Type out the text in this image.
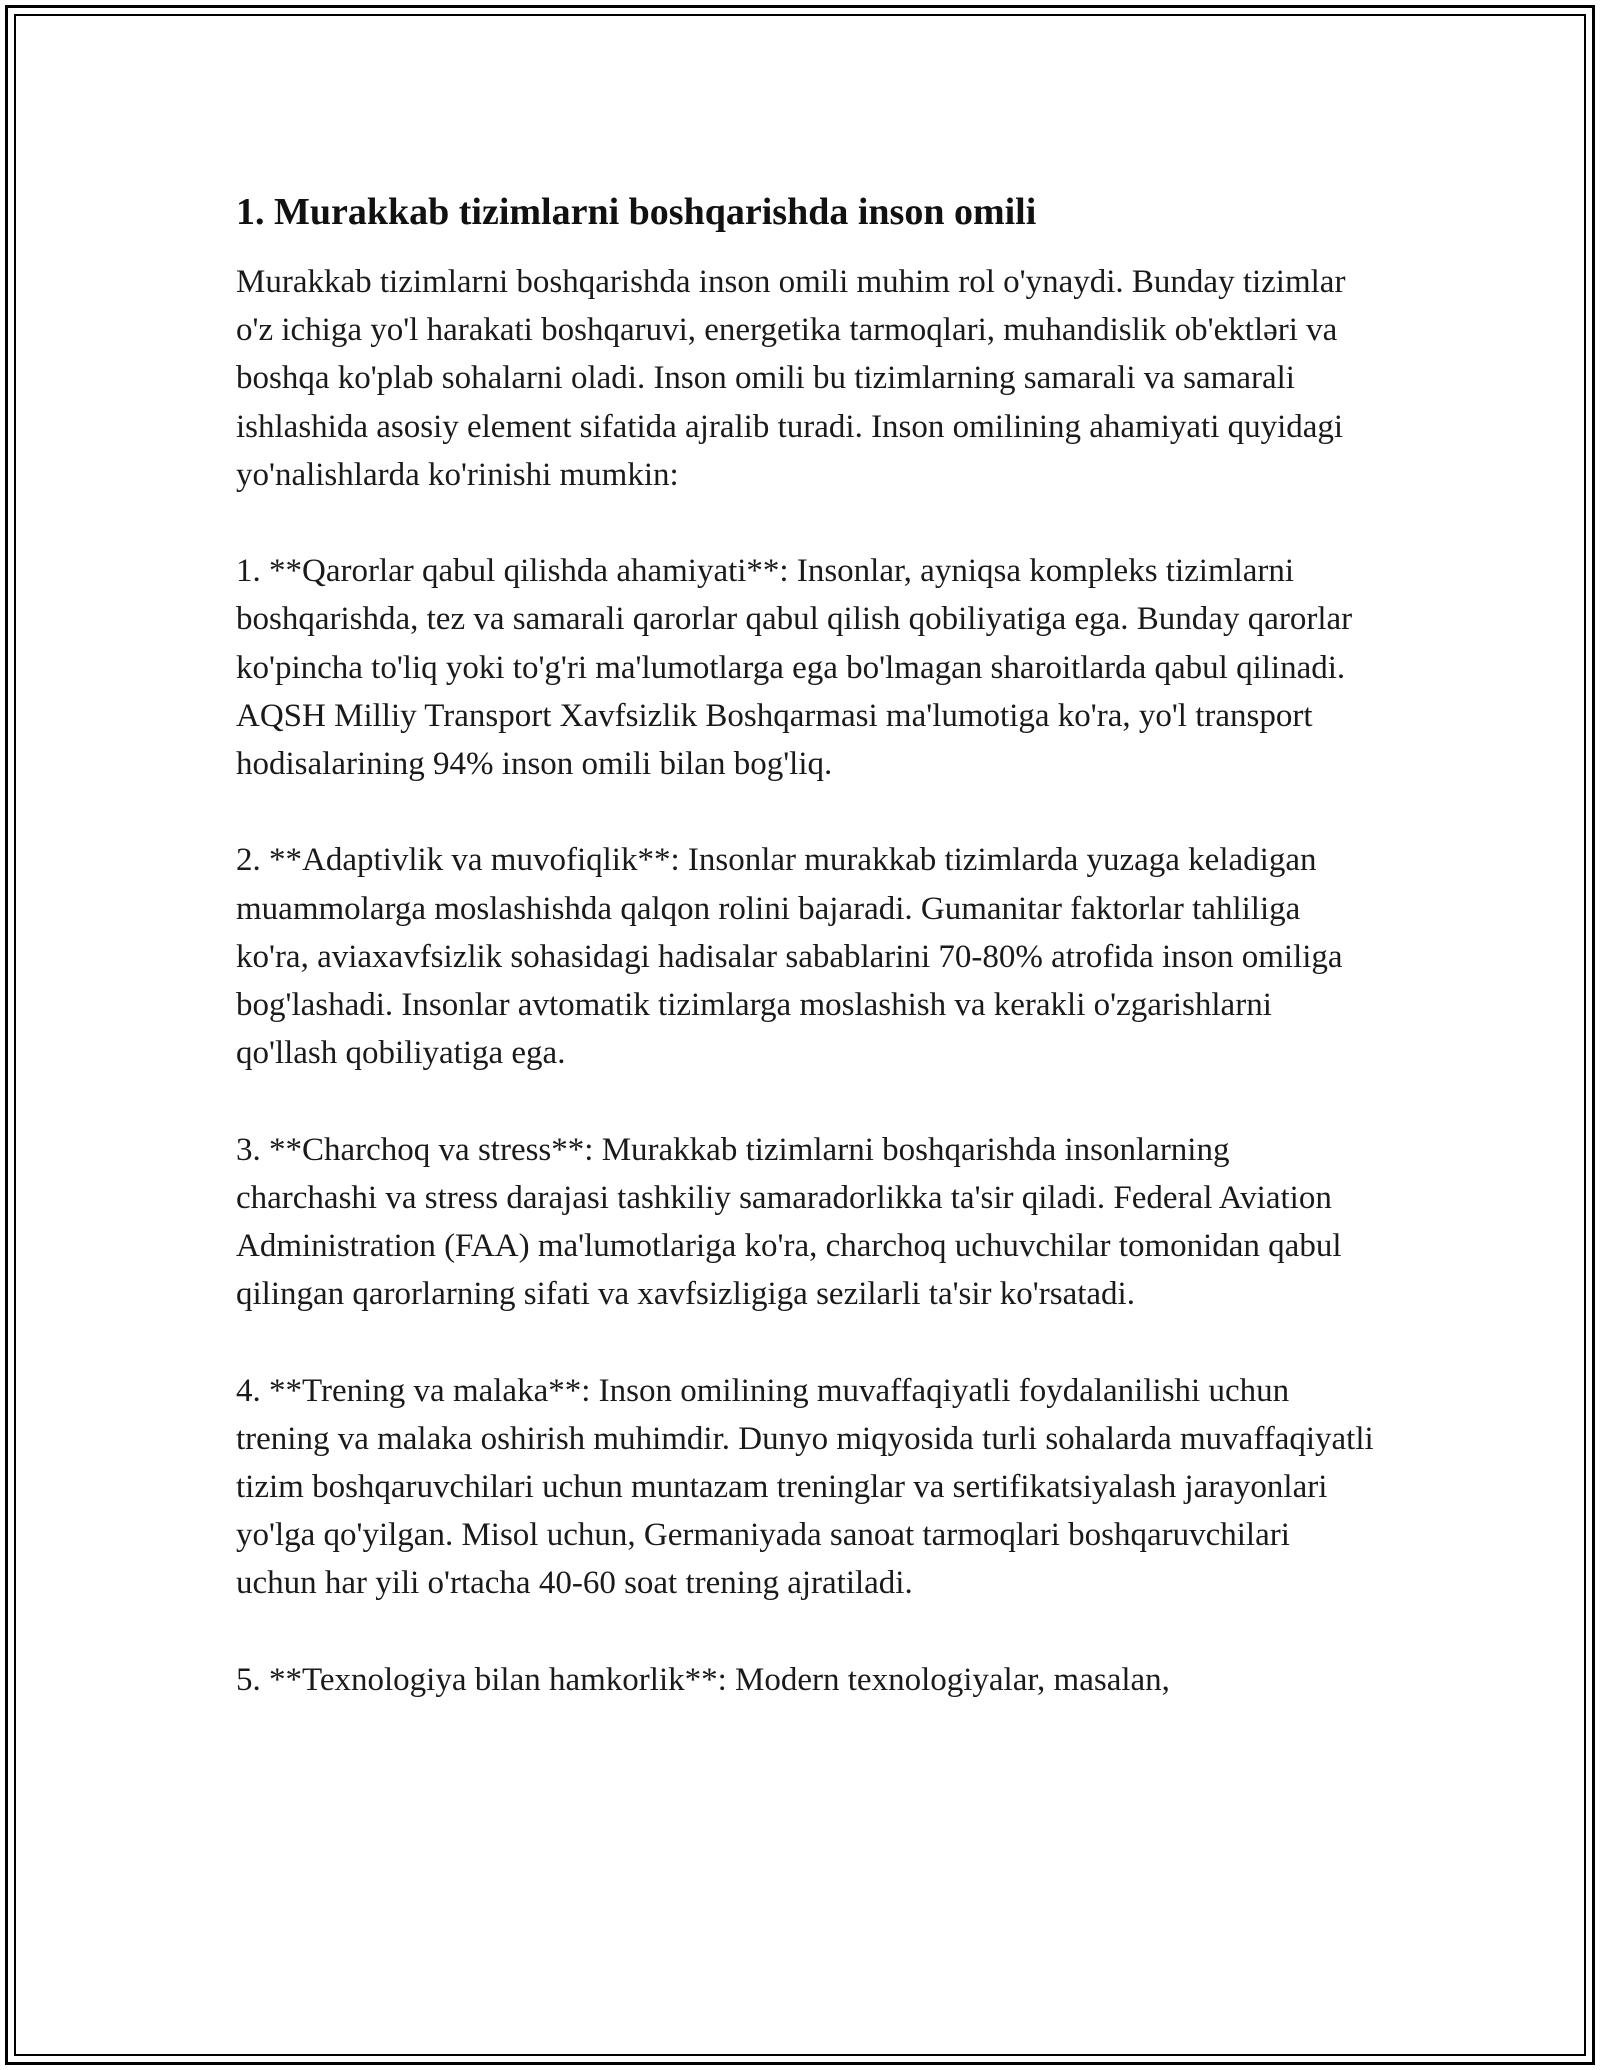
1. Murakkab tizimlarni boshqarishda inson omili

Murakkab tizimlarni boshqarishda inson omili muhim rol o'ynaydi. Bunday tizimlar o'z ichiga yo'l harakati boshqaruvi, energetika tarmoqlari, muhandislik ob'ektləri va boshqa ko'plab sohalarni oladi. Inson omili bu tizimlarning samarali va samarali ishlashida asosiy element sifatida ajralib turadi. Inson omilining ahamiyati quyidagi yo'nalishlarda ko'rinishi mumkin:

1. **Qarorlar qabul qilishda ahamiyati**: Insonlar, ayniqsa kompleks tizimlarni boshqarishda, tez va samarali qarorlar qabul qilish qobiliyatiga ega. Bunday qarorlar ko'pincha to'liq yoki to'g'ri ma'lumotlarga ega bo'lmagan sharoitlarda qabul qilinadi. AQSH Milliy Transport Xavfsizlik Boshqarmasi ma'lumotiga ko'ra, yo'l transport hodisalarining 94% inson omili bilan bog'liq.

2. **Adaptivlik va muvofiqlik**: Insonlar murakkab tizimlarda yuzaga keladigan muammolarga moslashishda qalqon rolini bajaradi. Gumanitar faktorlar tahliliga ko'ra, aviaxavfsizlik sohasidagi hadisalar sabablarini 70-80% atrofida inson omiliga bog'lashadi. Insonlar avtomatik tizimlarga moslashish va kerakli o'zgarishlarni qo'llash qobiliyatiga ega.

3. **Charchoq va stress**: Murakkab tizimlarni boshqarishda insonlarning charchashi va stress darajasi tashkiliy samaradorlikka ta'sir qiladi. Federal Aviation Administration (FAA) ma'lumotlariga ko'ra, charchoq uchuvchilar tomonidan qabul qilingan qarorlarning sifati va xavfsizligiga sezilarli ta'sir ko'rsatadi.

4. **Trening va malaka**: Inson omilining muvaffaqiyatli foydalanilishi uchun trening va malaka oshirish muhimdir. Dunyo miqyosida turli sohalarda muvaffaqiyatli tizim boshqaruvchilari uchun muntazam treninglar va sertifikatsiyalash jarayonlari yo'lga qo'yilgan. Misol uchun, Germaniyada sanoat tarmoqlari boshqaruvchilari uchun har yili o'rtacha 40-60 soat trening ajratiladi.

5. **Texnologiya bilan hamkorlik**: Modern texnologiyalar, masalan,
